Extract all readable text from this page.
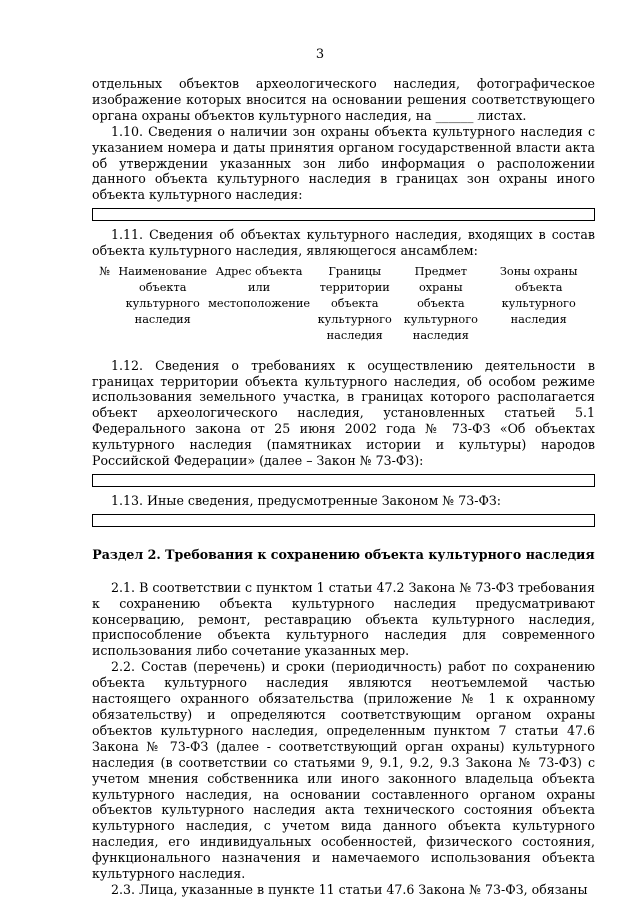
3

отдельных объектов археологического наследия, фотографическое изображение которых вносится на основании решения соответствующего органа охраны объектов культурного наследия, на ______ листах.

1.10. Сведения о наличии зон охраны объекта культурного наследия с указанием номера и даты принятия органом государственной власти акта об утверждении указанных зон либо информация о расположении данного объекта культурного наследия в границах зон охраны иного объекта культурного наследия:

1.11. Сведения об объектах культурного наследия, входящих в состав объекта культурного наследия, являющегося ансамблем:

№	Наименование объекта культурного наследия	Адрес объекта или местоположение	Границы территории объекта культурного наследия	Предмет охраны объекта культурного наследия	Зоны охраны объекта культурного наследия

1.12. Сведения о требованиях к осуществлению деятельности в границах территории объекта культурного наследия, об особом режиме использования земельного участка, в границах которого располагается объект археологического наследия, установленных статьей 5.1 Федерального закона от 25 июня 2002 года № 73-ФЗ «Об объектах культурного наследия (памятниках истории и культуры) народов Российской Федерации» (далее – Закон № 73-ФЗ):

1.13. Иные сведения, предусмотренные Законом № 73-ФЗ:

Раздел 2. Требования к сохранению объекта культурного наследия

2.1. В соответствии с пунктом 1 статьи 47.2 Закона № 73-ФЗ требования к сохранению объекта культурного наследия предусматривают консервацию, ремонт, реставрацию объекта культурного наследия, приспособление объекта культурного наследия для современного использования либо сочетание указанных мер.

2.2. Состав (перечень) и сроки (периодичность) работ по сохранению объекта культурного наследия являются неотъемлемой частью настоящего охранного обязательства (приложение № 1 к охранному обязательству) и определяются соответствующим органом охраны объектов культурного наследия, определенным пунктом 7 статьи 47.6 Закона № 73-ФЗ (далее - соответствующий орган охраны) культурного наследия (в соответствии со статьями 9, 9.1, 9.2, 9.3 Закона № 73-ФЗ) с учетом мнения собственника или иного законного владельца объекта культурного наследия, на основании составленного органом охраны объектов культурного наследия акта технического состояния объекта культурного наследия, с учетом вида данного объекта культурного наследия, его индивидуальных особенностей, физического состояния, функционального назначения и намечаемого использования объекта культурного наследия.

2.3. Лица, указанные в пункте 11 статьи 47.6 Закона № 73-ФЗ, обязаны
